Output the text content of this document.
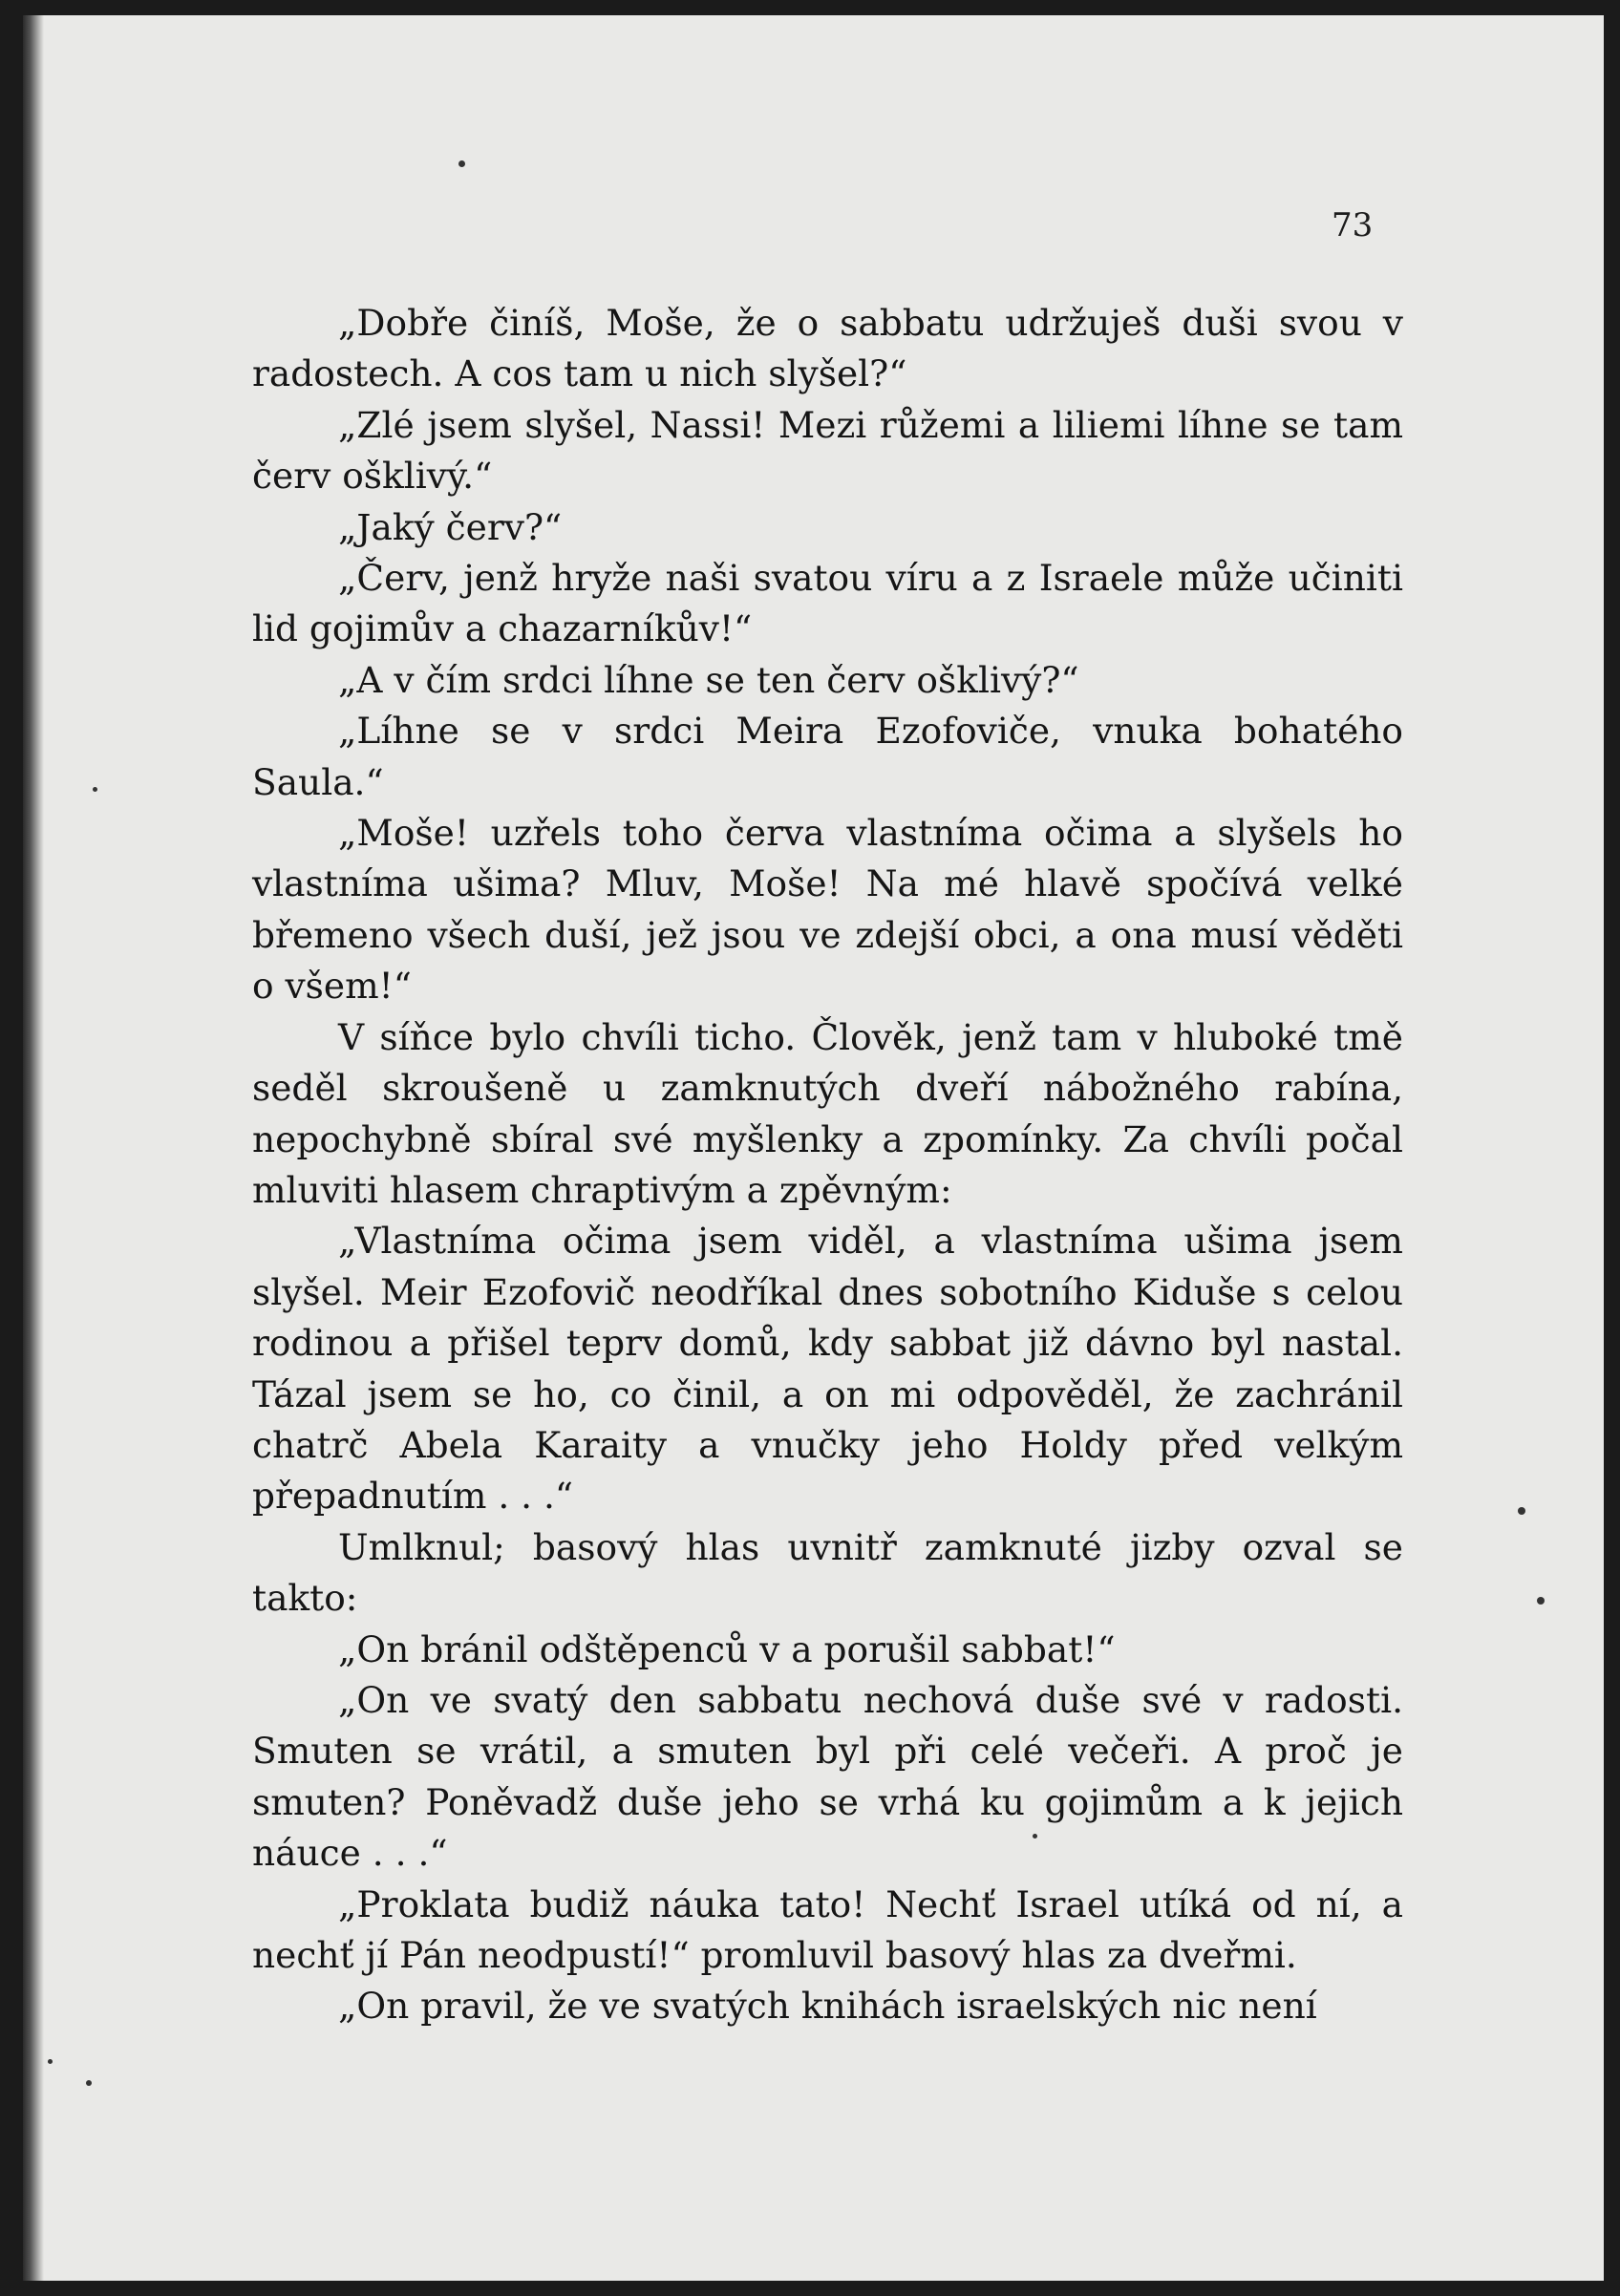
73

„Dobře činíš, Moše, že o sabbatu udržuješ duši svou v radostech. A cos tam u nich slyšel?“

„Zlé jsem slyšel, Nassi! Mezi růžemi a liliemi líhne se tam červ ošklivý.“

„Jaký červ?“

„Červ, jenž hryže naši svatou víru a z Israele může učiniti lid gojimův a chazarníkův!“

„A v čím srdci líhne se ten červ ošklivý?“

„Líhne se v srdci Meira Ezofoviče, vnuka bohatého Saula.“

„Moše! uzřels toho červa vlastníma očima a slyšels ho vlastníma ušima? Mluv, Moše! Na mé hlavě spočívá velké břemeno všech duší, jež jsou ve zdejší obci, a ona musí věděti o všem!“

V síňce bylo chvíli ticho. Člověk, jenž tam v hluboké tmě seděl skroušeně u zamknutých dveří nábožného rabína, nepochybně sbíral své myšlenky a zpomínky. Za chvíli počal mluviti hlasem chraptivým a zpěvným:

„Vlastníma očima jsem viděl, a vlastníma ušima jsem slyšel. Meir Ezofovič neodříkal dnes sobotního Kiduše s celou rodinou a přišel teprv domů, kdy sabbat již dávno byl nastal. Tázal jsem se ho, co činil, a on mi odpověděl, že zachránil chatrč Abela Karaity a vnučky jeho Holdy před velkým přepadnutím . . .“

Umlknul; basový hlas uvnitř zamknuté jizby ozval se takto:

„On bránil odštěpenců v a porušil sabbat!“

„On ve svatý den sabbatu nechová duše své v radosti. Smuten se vrátil, a smuten byl při celé večeři. A proč je smuten? Poněvadž duše jeho se vrhá ku gojimům a k jejich náuce . . .“

„Proklata budiž náuka tato! Nechť Israel utíká od ní, a nechť jí Pán neodpustí!“ promluvil basový hlas za dveřmi.

„On pravil, že ve svatých knihách israelských nic není
